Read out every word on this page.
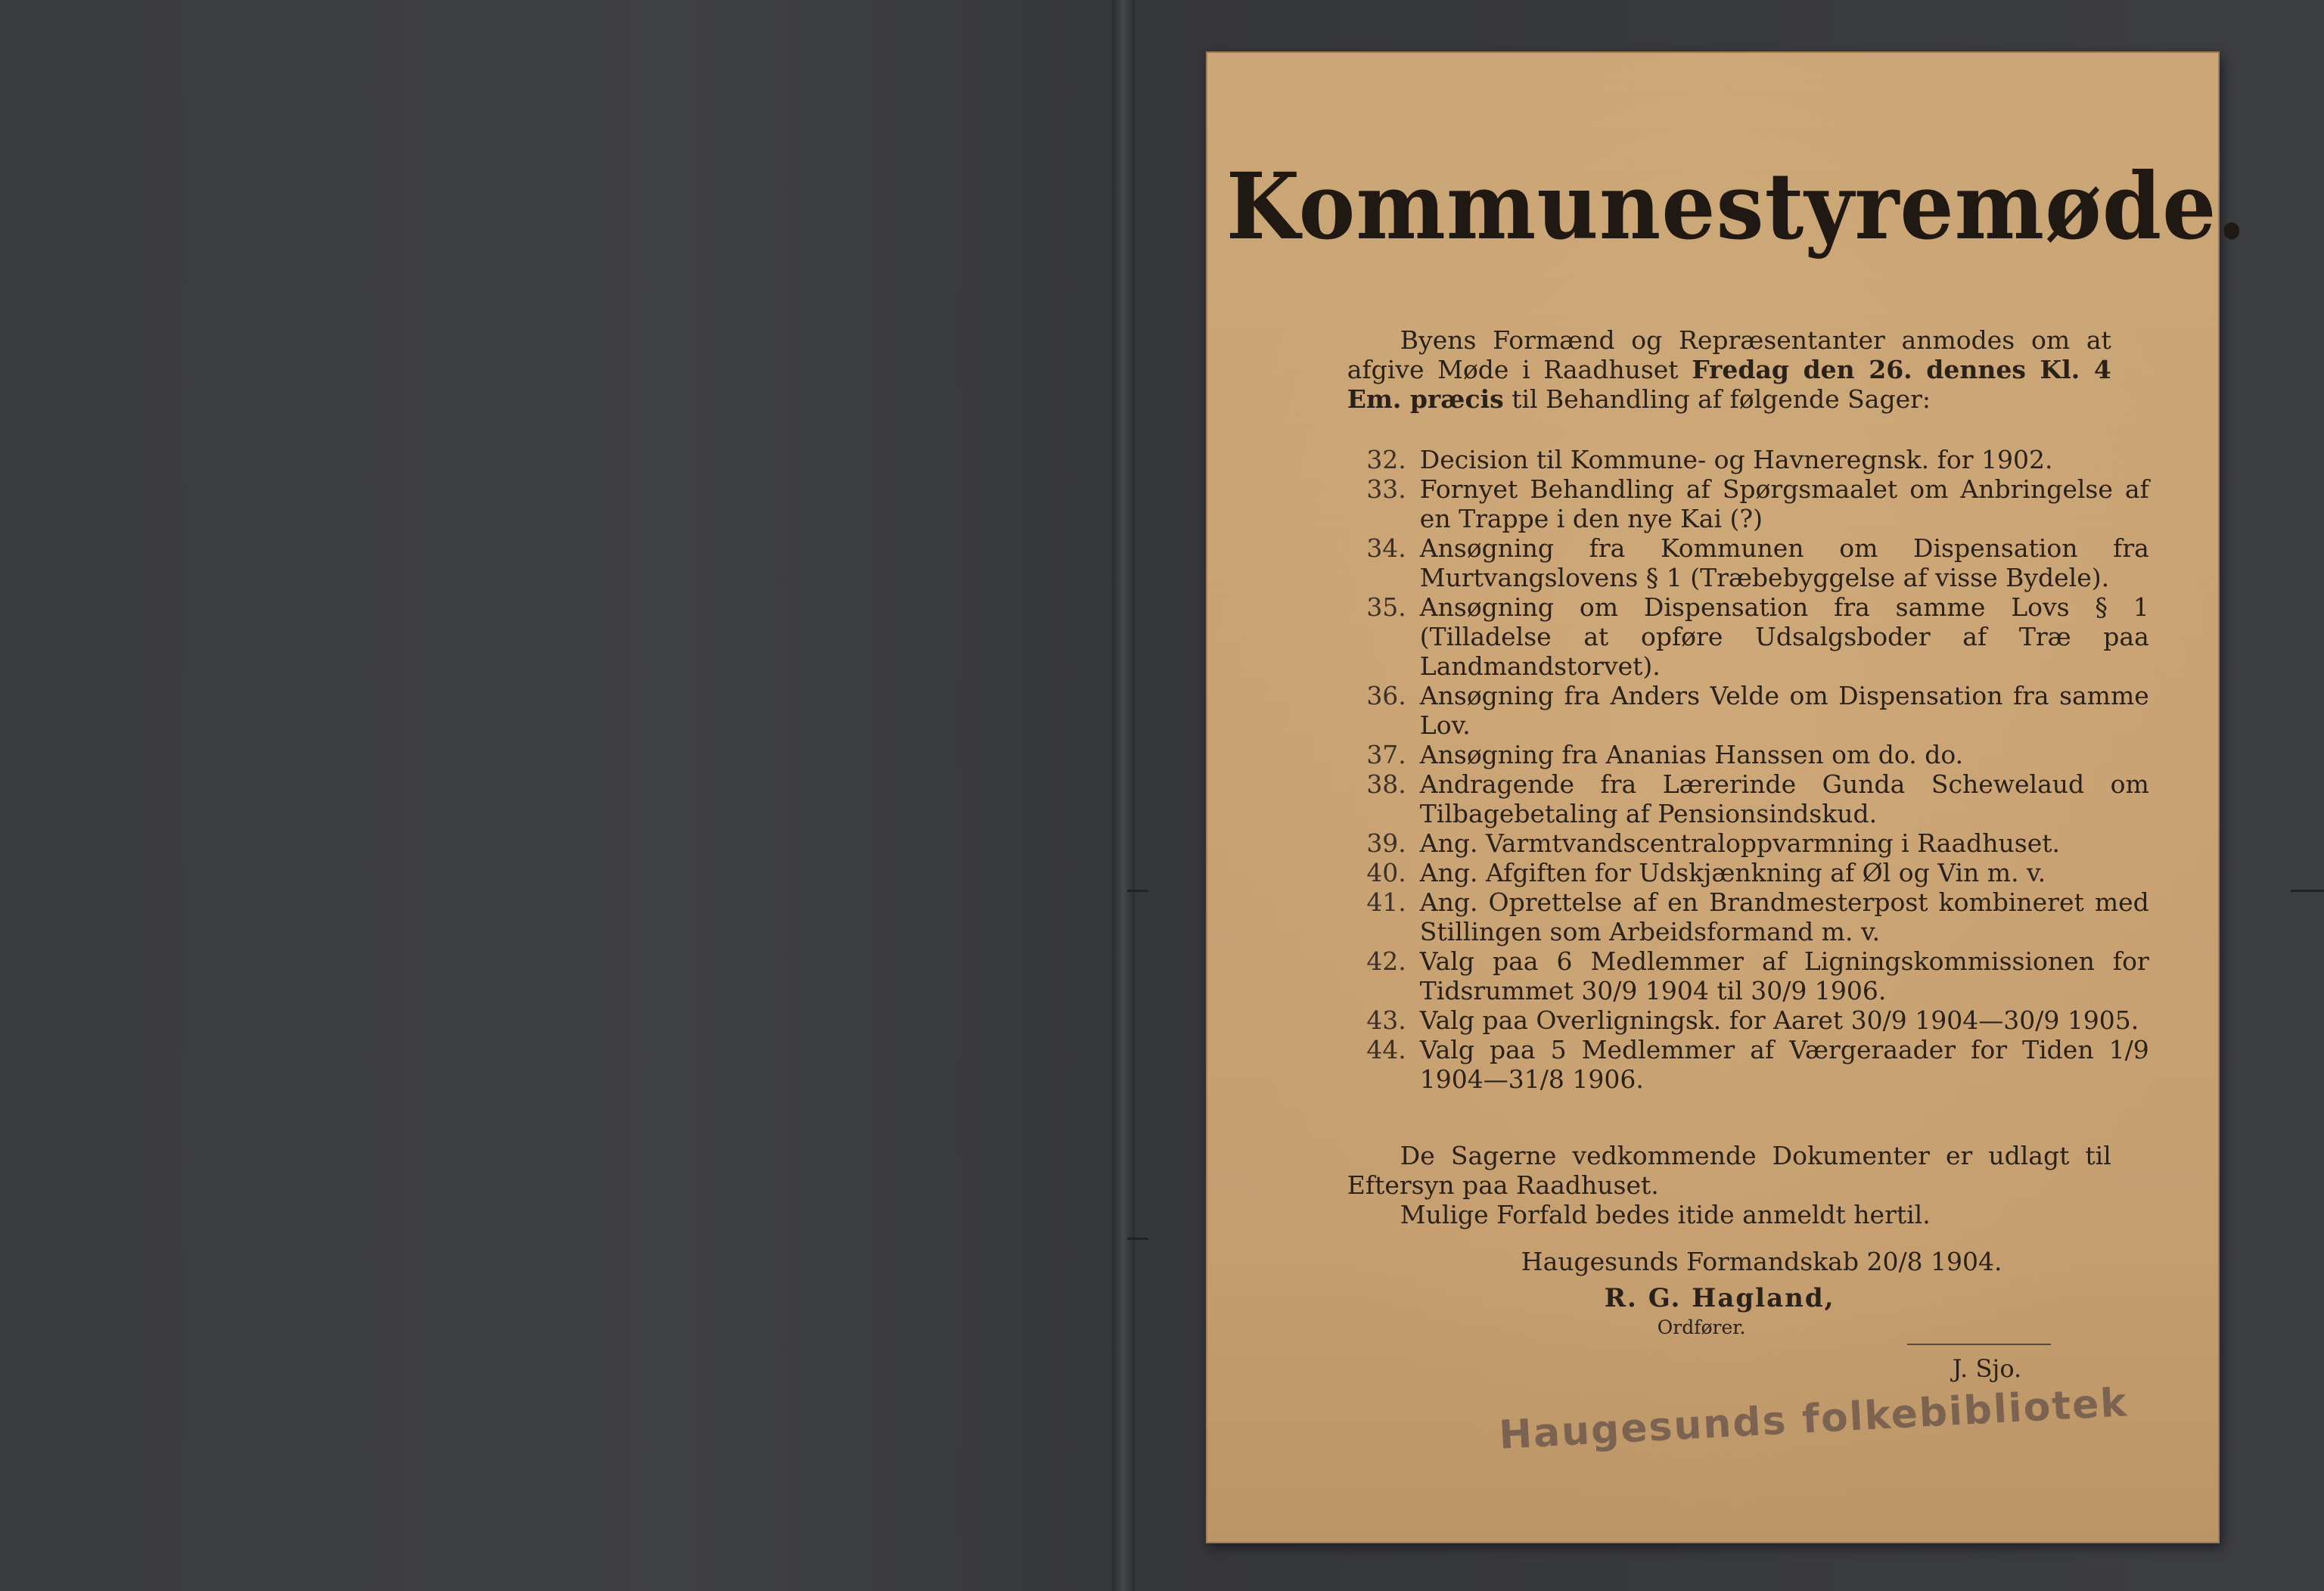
Kommunestyremøde.
Byens Formænd og Repræsentanter anmodes om at afgive Møde i Raadhuset Fredag den 26. dennes Kl. 4 Em. præcis til Behandling af følgende Sager:
32. Decision til Kommune- og Havneregnsk. for 1902.
33. Fornyet Behandling af Spørgsmaalet om Anbringelse af en Trappe i den nye Kai (?)
34. Ansøgning fra Kommunen om Dispensation fra Murtvangslovens § 1 (Træbebyggelse af visse Bydele).
35. Ansøgning om Dispensation fra samme Lovs § 1 (Tilladelse at opføre Udsalgsboder af Træ paa Landmandstorvet).
36. Ansøgning fra Anders Velde om Dispensation fra samme Lov.
37. Ansøgning fra Ananias Hanssen om do. do.
38. Andragende fra Lærerinde Gunda Schewelaud om Tilbagebetaling af Pensionsindskud.
39. Ang. Varmtvandscentraloppvarmning i Raadhuset.
40. Ang. Afgiften for Udskjænkning af Øl og Vin m. v.
41. Ang. Oprettelse af en Brandmesterpost kombineret med Stillingen som Arbeidsformand m. v.
42. Valg paa 6 Medlemmer af Ligningskommissionen for Tidsrummet 30/9 1904 til 30/9 1906.
43. Valg paa Overligningsk. for Aaret 30/9 1904—30/9 1905.
44. Valg paa 5 Medlemmer af Værgeraader for Tiden 1/9 1904—31/8 1906.

De Sagerne vedkommende Dokumenter er udlagt til Eftersyn paa Raadhuset.

Mulige Forfald bedes itide anmeldt hertil.

Haugesunds Formandskab 20/8 1904.
R. G. Hagland,
Ordfører.
J. Sjo.
Haugesunds folkebibliotek
